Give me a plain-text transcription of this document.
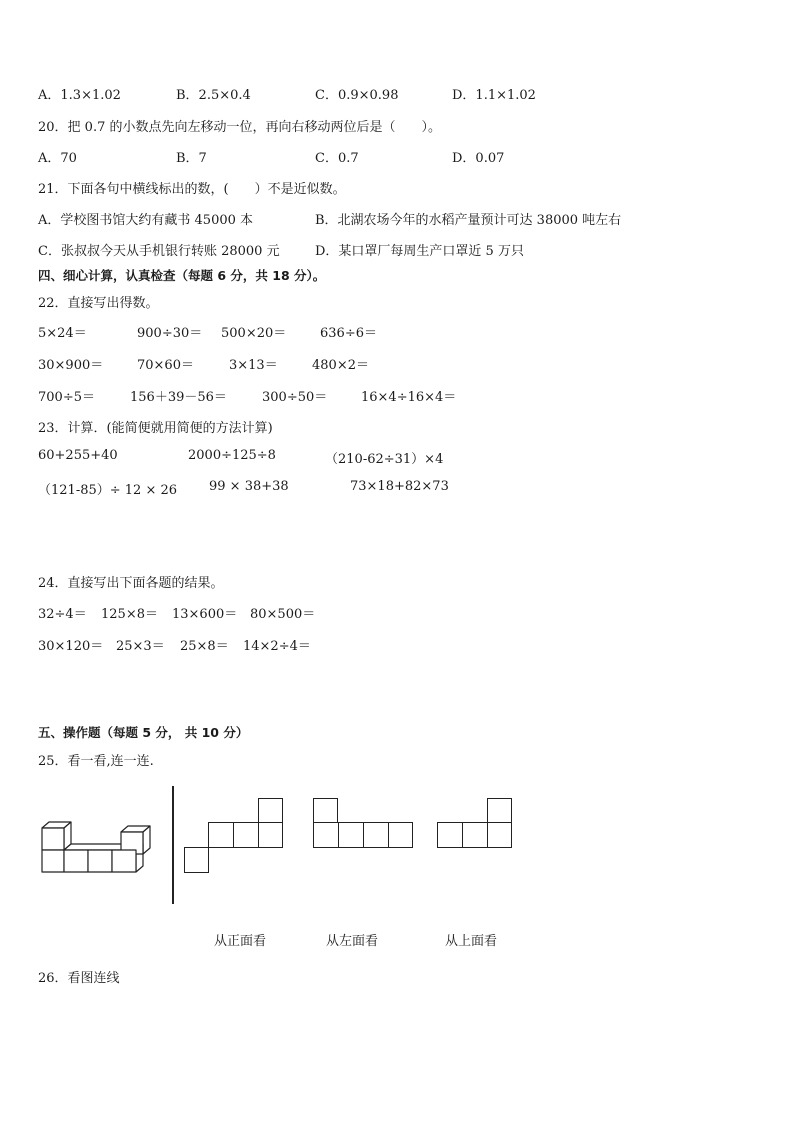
A．1.3×1.02	B．2.5×0.4	C．0.9×0.98	D．1.1×1.02
20．把 0.7 的小数点先向左移动一位，再向右移动两位后是（　　）。
A．70	B．7	C．0.7	D．0.07
21．下面各句中横线标出的数，(　　）不是近似数。
A．学校图书馆大约有藏书 45000 本	B．北湖农场今年的水稻产量预计可达 38000 吨左右
C．张叔叔今天从手机银行转账 28000 元	D．某口罩厂每周生产口罩近 5 万只
四、细心计算，认真检查（每题 6 分，共 18 分）。
22．直接写出得数。
5×24＝	900÷30＝ 500×20＝	636÷6＝
30×900＝	70×60＝	3×13＝	480×2＝
700÷5＝	156＋39－56＝	300÷50＝	16×4÷16×4＝
23．计算．(能简便就用简便的方法计算)
60+255+40	2000÷125÷8	（210-62÷31）×4
（121-85）÷ 12 × 26 99 × 38+38	73×18+82×73
24．直接写出下面各题的结果。
32÷4＝ 125×8＝ 13×600＝ 80×500＝
30×120＝ 25×3＝ 25×8＝ 14×2÷4＝
五、操作题（每题 5 分， 共 10 分）
25．看一看,连一连.
从正面看	从左面看	从上面看
26．看图连线
